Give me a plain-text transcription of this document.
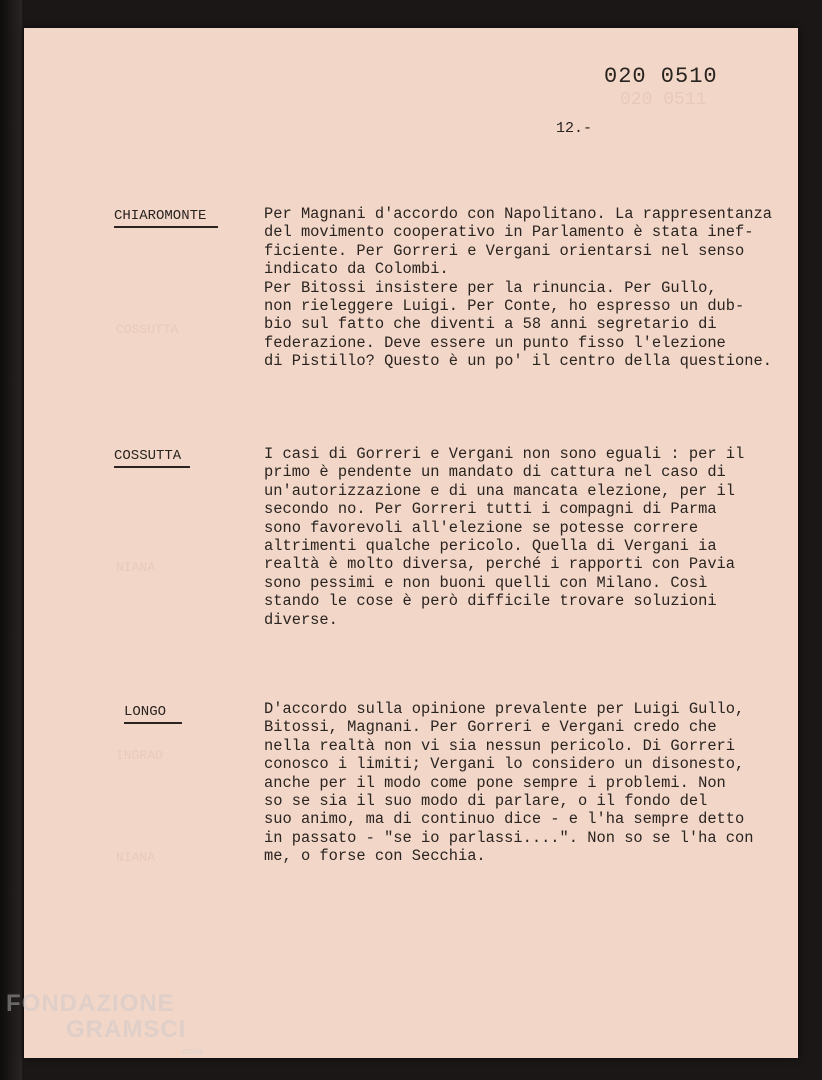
020 0511
COSSUTTA
NIANA
INGRAO
NIANA
020 0510
12.-
CHIAROMONTE	Per Magnani d'accordo con Napolitano. La rappresentanza
del movimento cooperativo in Parlamento è stata inef-
ficiente. Per Gorreri e Vergani orientarsi nel senso
indicato da Colombi.
Per Bitossi insistere per la rinuncia. Per Gullo,
non rieleggere Luigi. Per Conte, ho espresso un dub-
bio sul fatto che diventi a 58 anni segretario di
federazione. Deve essere un punto fisso l'elezione
di Pistillo? Questo è un po' il centro della questione.
COSSUTTA	I casi di Gorreri e Vergani non sono eguali : per il
primo è pendente un mandato di cattura nel caso di
un'autorizzazione e di una mancata elezione, per il
secondo no. Per Gorreri tutti i compagni di Parma
sono favorevoli all'elezione se potesse correre
altrimenti qualche pericolo. Quella di Vergani ia
realtà è molto diversa, perché i rapporti con Pavia
sono pessimi e non buoni quelli con Milano. Così
stando le cose è però difficile trovare soluzioni
diverse.
LONGO	D'accordo sulla opinione prevalente per Luigi Gullo,
Bitossi, Magnani. Per Gorreri e Vergani credo che
nella realtà non vi sia nessun pericolo. Di Gorreri
conosco i limiti; Vergani lo considero un disonesto,
anche per il modo come pone sempre i problemi. Non
so se sia il suo modo di parlare, o il fondo del
suo animo, ma di continuo dice - e l'ha sempre detto
in passato - "se io parlassi....". Non so se l'ha con
me, o forse con Secchia.
FONDAZIONE
GRAMSCI
onlus
